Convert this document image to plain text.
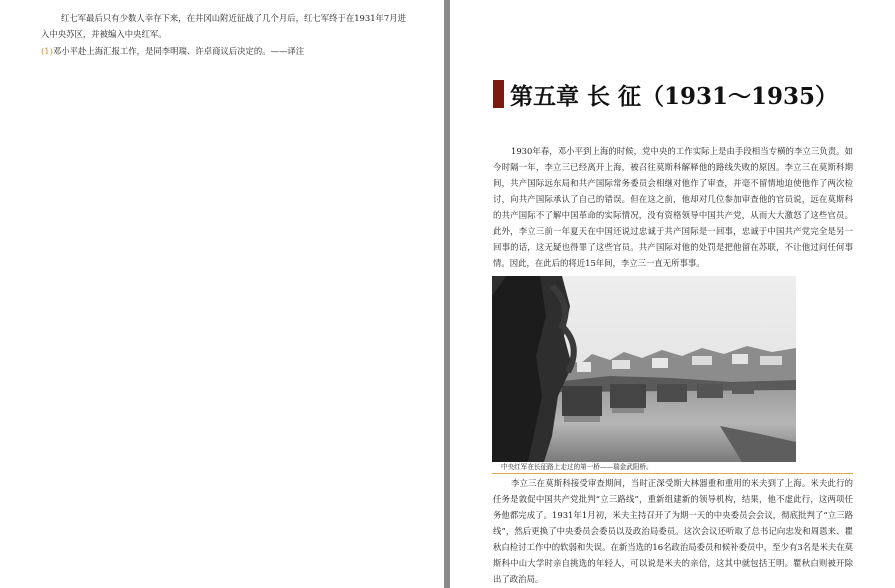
红七军最后只有少数人幸存下来，在井冈山附近征战了几个月后，红七军终于在1931年7月进入中央苏区，并被编入中央红军。

(1)邓小平赴上海汇报工作，是同李明瑞、许卓商议后决定的。——译注

第五章 长 征（1931～1935）

1930年春，邓小平到上海的时候，党中央的工作实际上是由手段相当专横的李立三负责。如今时隔一年，李立三已经离开上海，被召往莫斯科解释他的路线失败的原因。李立三在莫斯科期间，共产国际远东局和共产国际常务委员会相继对他作了审查，并毫不留情地迫使他作了两次检讨，向共产国际承认了自己的错误。但在这之前，他却对几位参加审查他的官员说，远在莫斯科的共产国际不了解中国革命的实际情况，没有资格领导中国共产党，从而大大激怒了这些官员。此外，李立三前一年夏天在中国还说过忠诚于共产国际是一回事，忠诚于中国共产党完全是另一回事的话，这无疑也得罪了这些官员。共产国际对他的处罚是把他留在苏联，不让他过问任何事情。因此，在此后的将近15年间，李立三一直无所事事。

中央红军在长征路上走过的第一桥——瑞金武阳桥。

李立三在莫斯科接受审查期间，当时正深受斯大林器重和重用的米夫到了上海。米夫此行的任务是敦促中国共产党批判“立三路线”，重新组建新的领导机构，结果，他不虚此行，这两项任务他都完成了。1931年1月初，米夫主持召开了为期一天的中央委员会会议，彻底批判了“立三路线”，然后更换了中央委员会委员以及政治局委员。这次会议还听取了总书记向忠发和周恩来、瞿秋白检讨工作中的软弱和失误。在新当选的16名政治局委员和候补委员中，至少有3名是米夫在莫斯科中山大学时亲自挑选的年轻人，可以说是米夫的亲信，这其中就包括王明。瞿秋白则被开除出了政治局。
